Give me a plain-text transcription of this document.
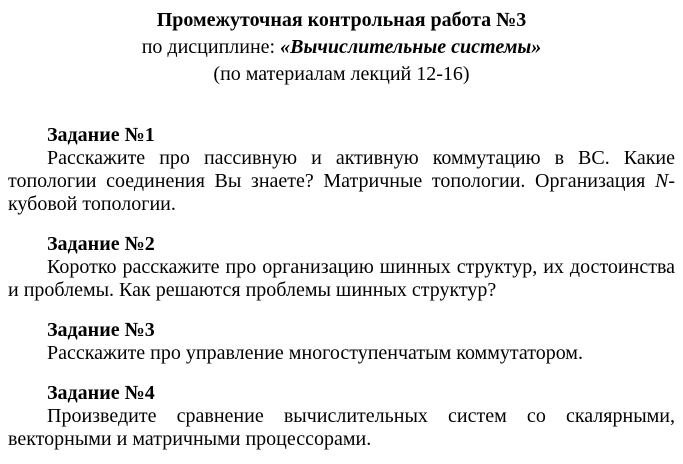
Промежуточная контрольная работа №3
по дисциплине: «Вычислительные системы»
(по материалам лекций 12-16)
Задание №1

Расскажите про пассивную и активную коммутацию в ВС. Какие топологии соединения Вы знаете? Матричные топологии. Организация N-кубовой топологии.

Задание №2

Коротко расскажите про организацию шинных структур, их достоинства и проблемы. Как решаются проблемы шинных структур?

Задание №3

Расскажите про управление многоступенчатым коммутатором.

Задание №4

Произведите сравнение вычислительных систем со скалярными, векторными и матричными процессорами.
